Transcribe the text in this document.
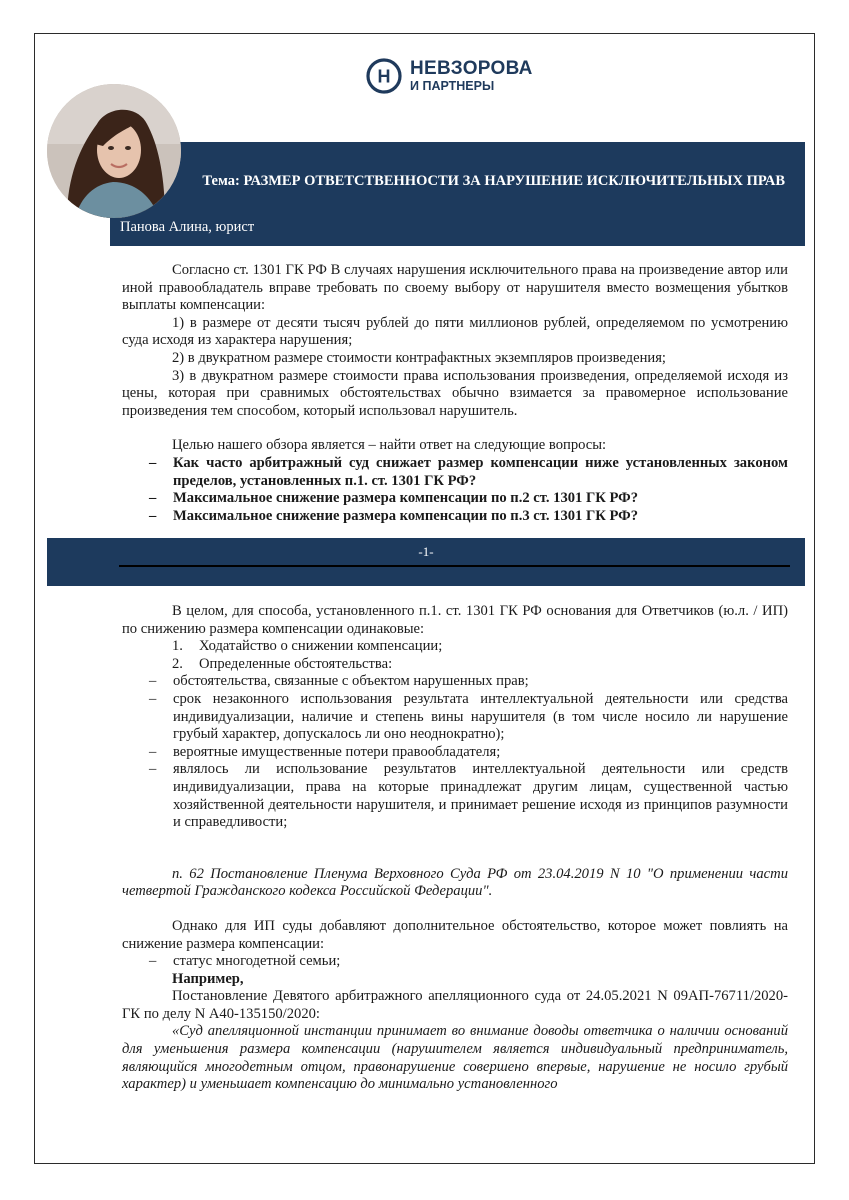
Н НЕВЗОРОВА
И ПАРТНЕРЫ
Тема: РАЗМЕР ОТВЕТСТВЕННОСТИ ЗА НАРУШЕНИЕ ИСКЛЮЧИТЕЛЬНЫХ ПРАВ
Панова Алина, юрист

Согласно ст. 1301 ГК РФ В случаях нарушения исключительного права на произведение автор или иной правообладатель вправе требовать по своему выбору от нарушителя вместо возмещения убытков выплаты компенсации:

1) в размере от десяти тысяч рублей до пяти миллионов рублей, определяемом по усмотрению суда исходя из характера нарушения;

2) в двукратном размере стоимости контрафактных экземпляров произведения;

3) в двукратном размере стоимости права использования произведения, определяемой исходя из цены, которая при сравнимых обстоятельствах обычно взимается за правомерное использование произведения тем способом, который использовал нарушитель.

Целью нашего обзора является – найти ответ на следующие вопросы:

– Как часто арбитражный суд снижает размер компенсации ниже установленных законом пределов, установленных п.1. ст. 1301 ГК РФ?
– Максимальное снижение размера компенсации по п.2 ст. 1301 ГК РФ?
– Максимальное снижение размера компенсации по п.3 ст. 1301 ГК РФ?
-1-

В целом, для способа, установленного п.1. ст. 1301 ГК РФ основания для Ответчиков (ю.л. / ИП) по снижению размера компенсации одинаковые:

1. Ходатайство о снижении компенсации;
2. Определенные обстоятельства:
– обстоятельства, связанные с объектом нарушенных прав;
– срок незаконного использования результата интеллектуальной деятельности или средства индивидуализации, наличие и степень вины нарушителя (в том числе носило ли нарушение грубый характер, допускалось ли оно неоднократно);
– вероятные имущественные потери правообладателя;
– являлось ли использование результатов интеллектуальной деятельности или средств индивидуализации, права на которые принадлежат другим лицам, существенной частью хозяйственной деятельности нарушителя, и принимает решение исходя из принципов разумности и справедливости;

п. 62 Постановление Пленума Верховного Суда РФ от 23.04.2019 N 10 "О применении части четвертой Гражданского кодекса Российской Федерации".

Однако для ИП суды добавляют дополнительное обстоятельство, которое может повлиять на снижение размера компенсации:

– статус многодетной семьи;

Например,

Постановление Девятого арбитражного апелляционного суда от 24.05.2021 N 09АП-76711/2020-ГК по делу N А40-135150/2020:

«Суд апелляционной инстанции принимает во внимание доводы ответчика о наличии оснований для уменьшения размера компенсации (нарушителем является индивидуальный предприниматель, являющийся многодетным отцом, правонарушение совершено впервые, нарушение не носило грубый характер) и уменьшает компенсацию до минимально установленного
